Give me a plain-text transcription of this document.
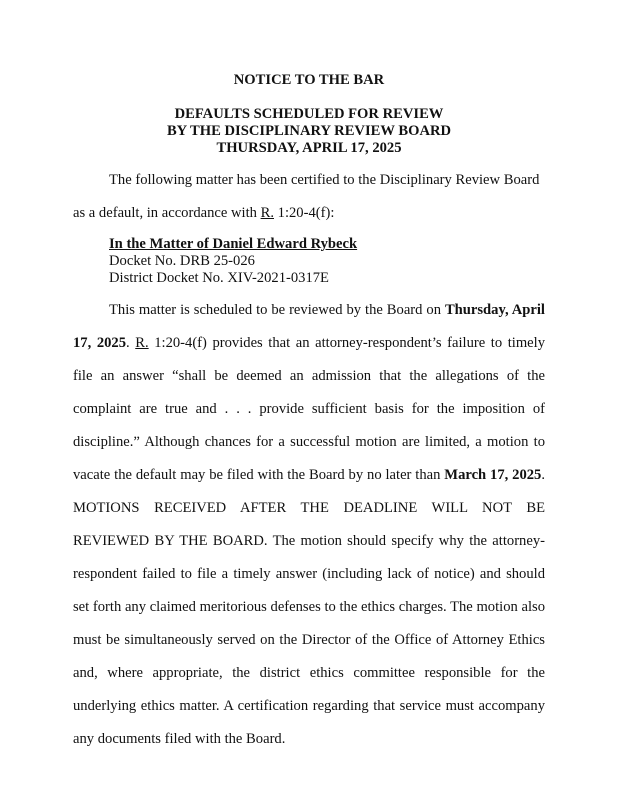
NOTICE TO THE BAR
DEFAULTS SCHEDULED FOR REVIEW
BY THE DISCIPLINARY REVIEW BOARD
THURSDAY, APRIL 17, 2025
The following matter has been certified to the Disciplinary Review Board as a default, in accordance with R. 1:20-4(f):
In the Matter of Daniel Edward Rybeck
Docket No. DRB 25-026
District Docket No. XIV-2021-0317E
This matter is scheduled to be reviewed by the Board on Thursday, April 17, 2025. R. 1:20-4(f) provides that an attorney-respondent’s failure to timely file an answer “shall be deemed an admission that the allegations of the complaint are true and . . . provide sufficient basis for the imposition of discipline.” Although chances for a successful motion are limited, a motion to vacate the default may be filed with the Board by no later than March 17, 2025. MOTIONS RECEIVED AFTER THE DEADLINE WILL NOT BE REVIEWED BY THE BOARD. The motion should specify why the attorney-respondent failed to file a timely answer (including lack of notice) and should set forth any claimed meritorious defenses to the ethics charges. The motion also must be simultaneously served on the Director of the Office of Attorney Ethics and, where appropriate, the district ethics committee responsible for the underlying ethics matter. A certification regarding that service must accompany any documents filed with the Board.
